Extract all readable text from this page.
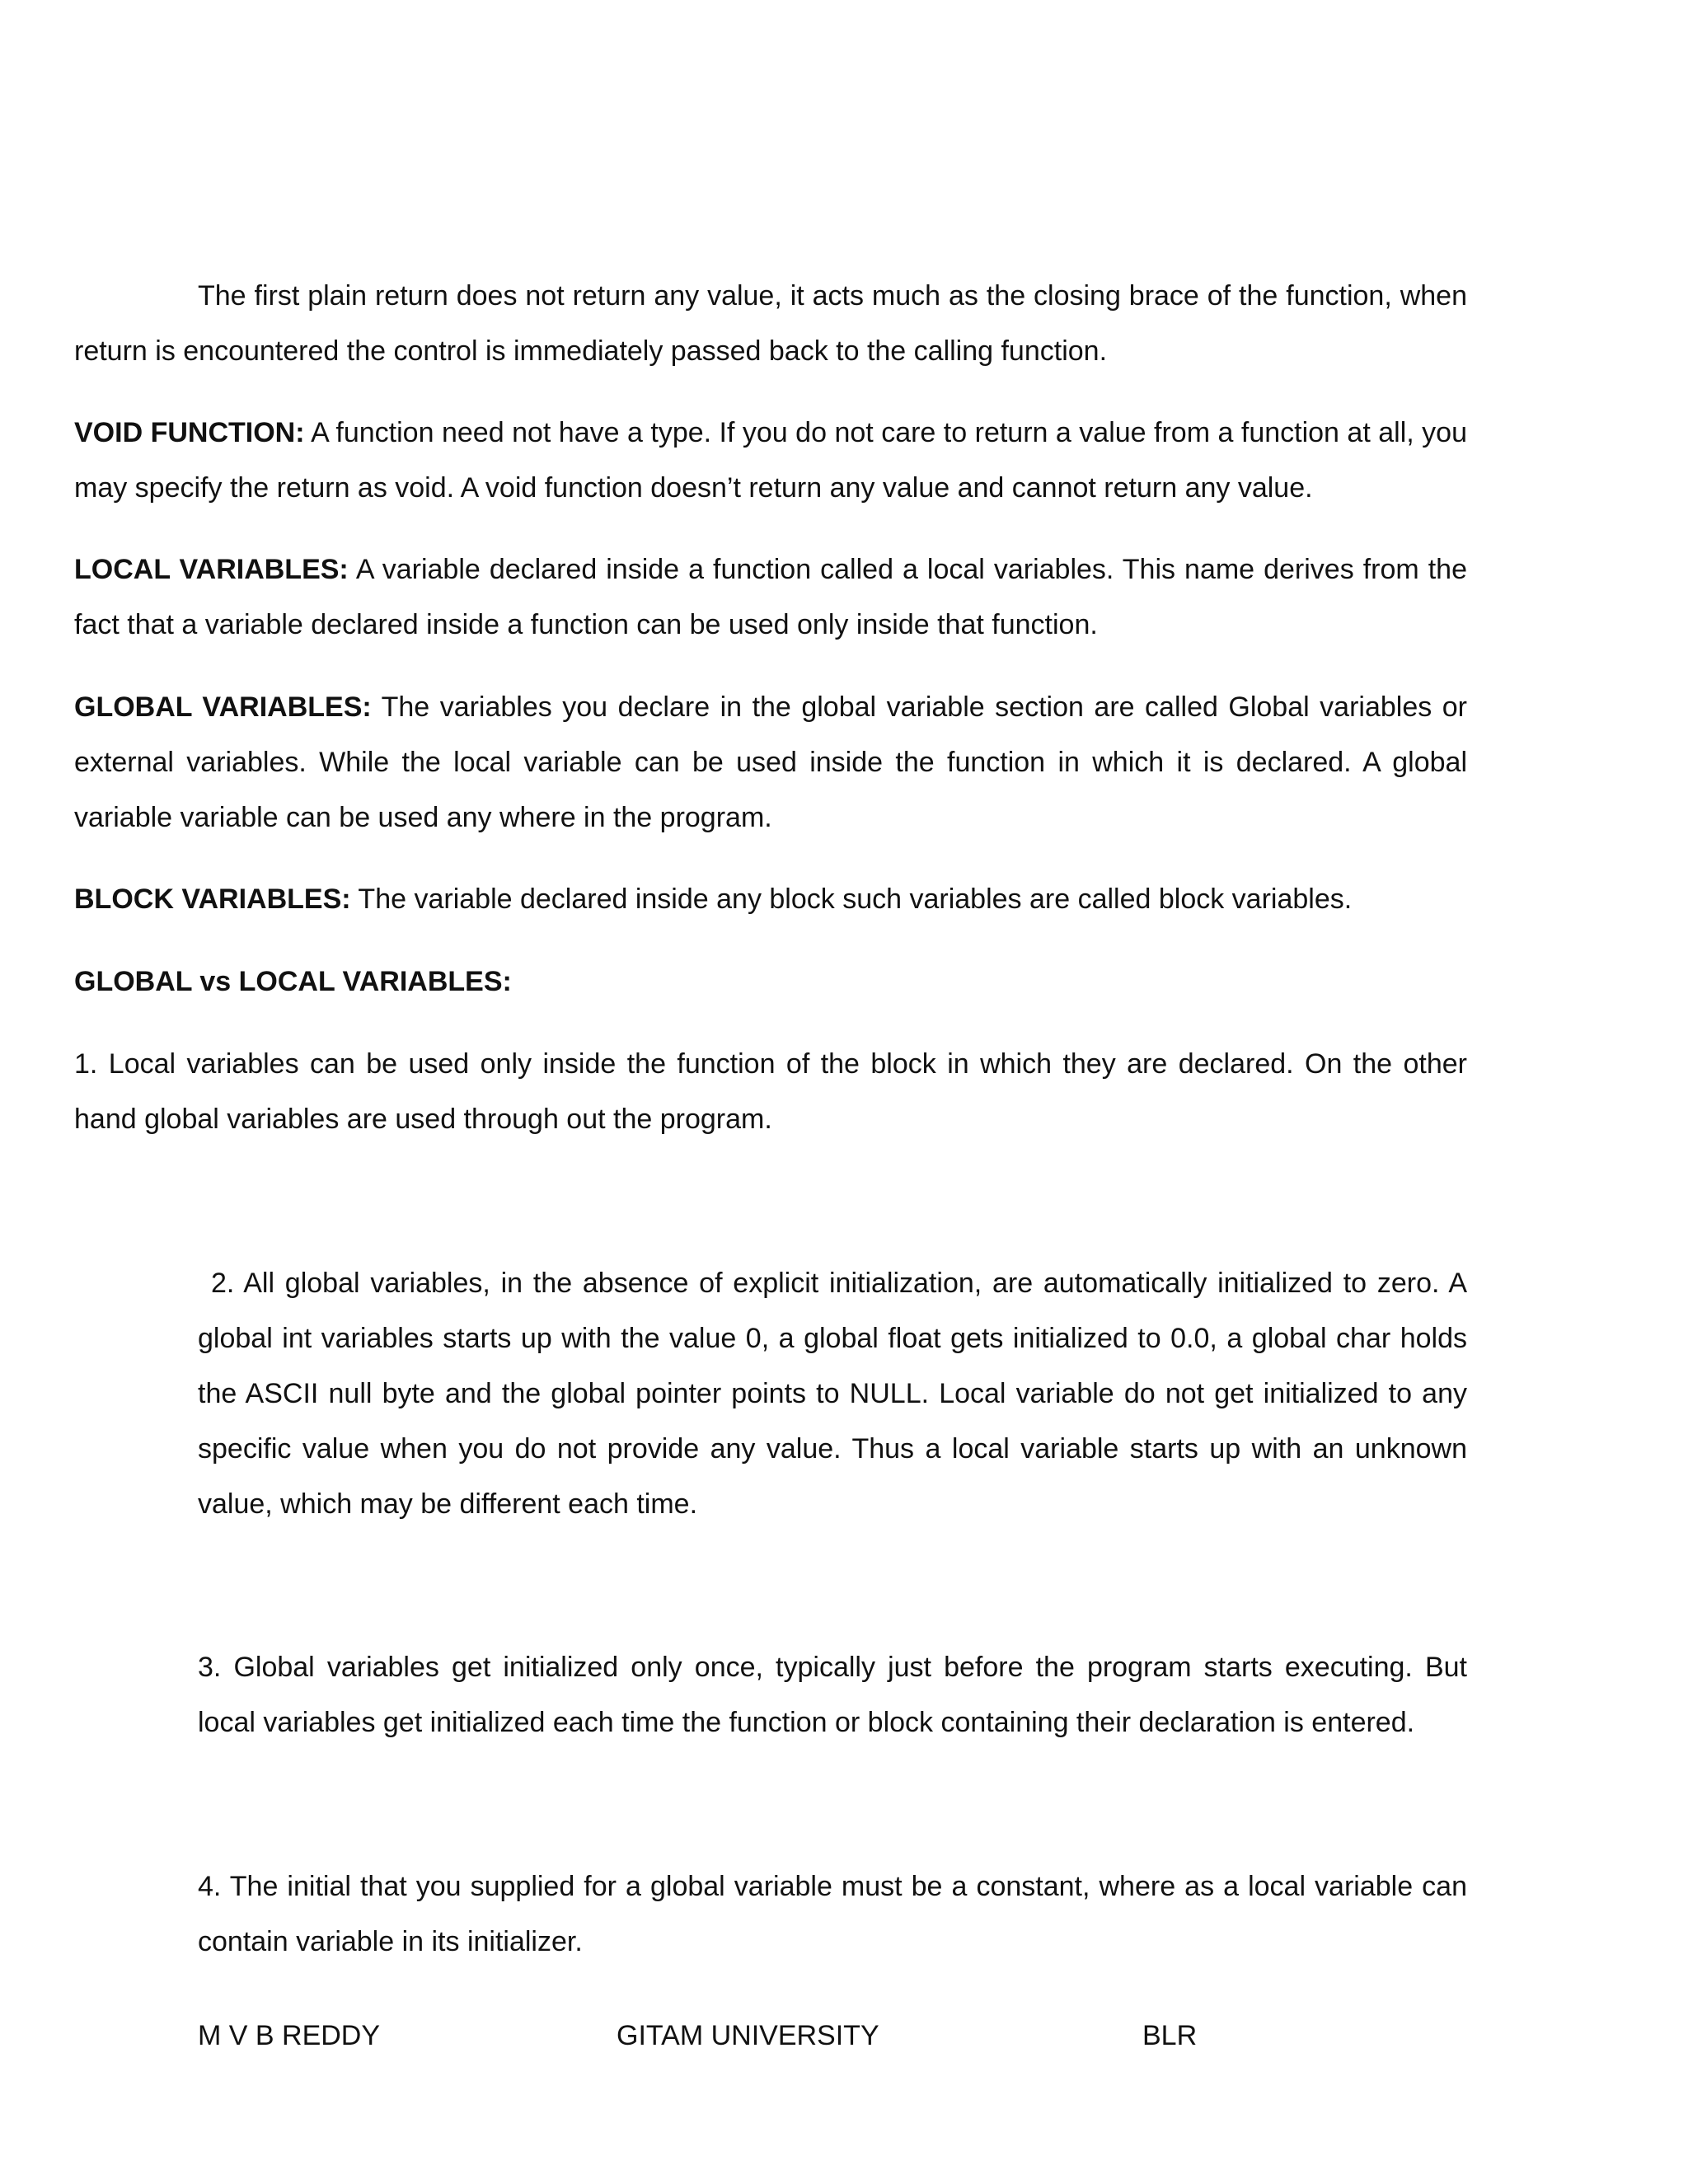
The first plain return does not return any value, it acts much as the closing brace of the function, when return is encountered the control is immediately passed back to the calling function.

VOID FUNCTION: A function need not have a type. If you do not care to return a value from a function at all, you may specify the return as void. A void function doesn’t return any value and cannot return any value.

LOCAL VARIABLES: A variable declared inside a function called a local variables. This name derives from the fact that a variable declared inside a function can be used only inside that function.

GLOBAL VARIABLES: The variables you declare in the global variable section are called Global variables or external variables. While the local variable can be used inside the function in which it is declared. A global variable variable can be used any where in the program.

BLOCK VARIABLES: The variable declared inside any block such variables are called block variables.

GLOBAL vs LOCAL VARIABLES:

1. Local variables can be used only inside the function of the block in which they are declared. On the other hand global variables are used through out the program.

2. All global variables, in the absence of explicit initialization, are automatically initialized to zero. A global int variables starts up with the value 0, a global float gets initialized to 0.0, a global char holds the ASCII null byte and the global pointer points to NULL. Local variable do not get initialized to any specific value when you do not provide any value. Thus a local variable starts up with an unknown value, which may be different each time.

3. Global variables get initialized only once, typically just before the program starts executing. But local variables get initialized each time the function or block containing their declaration is entered.

4. The initial that you supplied for a global variable must be a constant, where as a local variable can contain variable in its initializer.

M V B REDDY	GITAM UNIVERSITY	BLR
